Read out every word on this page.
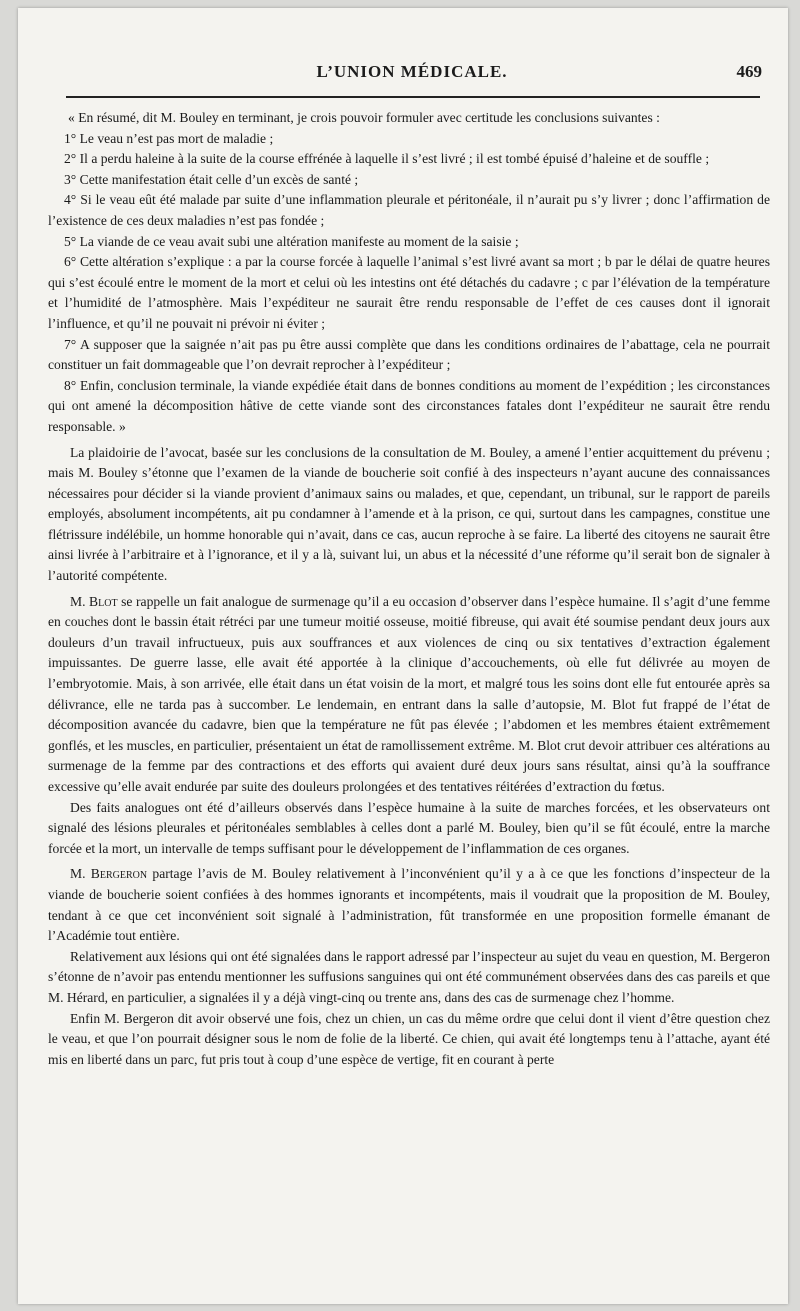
L’UNION MÉDICALE.	469

« En résumé, dit M. Bouley en terminant, je crois pouvoir formuler avec certitude les conclusions suivantes :

1° Le veau n’est pas mort de maladie ;

2° Il a perdu haleine à la suite de la course effrénée à laquelle il s’est livré ; il est tombé épuisé d’haleine et de souffle ;

3° Cette manifestation était celle d’un excès de santé ;

4° Si le veau eût été malade par suite d’une inflammation pleurale et péritonéale, il n’aurait pu s’y livrer ; donc l’affirmation de l’existence de ces deux maladies n’est pas fondée ;

5° La viande de ce veau avait subi une altération manifeste au moment de la saisie ;

6° Cette altération s’explique : a par la course forcée à laquelle l’animal s’est livré avant sa mort ; b par le délai de quatre heures qui s’est écoulé entre le moment de la mort et celui où les intestins ont été détachés du cadavre ; c par l’élévation de la température et l’humidité de l’atmosphère. Mais l’expéditeur ne saurait être rendu responsable de l’effet de ces causes dont il ignorait l’influence, et qu’il ne pouvait ni prévoir ni éviter ;

7° A supposer que la saignée n’ait pas pu être aussi complète que dans les conditions ordinaires de l’abattage, cela ne pourrait constituer un fait dommageable que l’on devrait reprocher à l’expéditeur ;

8° Enfin, conclusion terminale, la viande expédiée était dans de bonnes conditions au moment de l’expédition ; les circonstances qui ont amené la décomposition hâtive de cette viande sont des circonstances fatales dont l’expéditeur ne saurait être rendu responsable. »

La plaidoirie de l’avocat, basée sur les conclusions de la consultation de M. Bouley, a amené l’entier acquittement du prévenu ; mais M. Bouley s’étonne que l’examen de la viande de boucherie soit confié à des inspecteurs n’ayant aucune des connaissances nécessaires pour décider si la viande provient d’animaux sains ou malades, et que, cependant, un tribunal, sur le rapport de pareils employés, absolument incompétents, ait pu condamner à l’amende et à la prison, ce qui, surtout dans les campagnes, constitue une flétrissure indélébile, un homme honorable qui n’avait, dans ce cas, aucun reproche à se faire. La liberté des citoyens ne saurait être ainsi livrée à l’arbitraire et à l’ignorance, et il y a là, suivant lui, un abus et la nécessité d’une réforme qu’il serait bon de signaler à l’autorité compétente.

M. Blot se rappelle un fait analogue de surmenage qu’il a eu occasion d’observer dans l’espèce humaine. Il s’agit d’une femme en couches dont le bassin était rétréci par une tumeur moitié osseuse, moitié fibreuse, qui avait été soumise pendant deux jours aux douleurs d’un travail infructueux, puis aux souffrances et aux violences de cinq ou six tentatives d’extraction également impuissantes. De guerre lasse, elle avait été apportée à la clinique d’accouchements, où elle fut délivrée au moyen de l’embryotomie. Mais, à son arrivée, elle était dans un état voisin de la mort, et malgré tous les soins dont elle fut entourée après sa délivrance, elle ne tarda pas à succomber. Le lendemain, en entrant dans la salle d’autopsie, M. Blot fut frappé de l’état de décomposition avancée du cadavre, bien que la température ne fût pas élevée ; l’abdomen et les membres étaient extrêmement gonflés, et les muscles, en particulier, présentaient un état de ramollissement extrême. M. Blot crut devoir attribuer ces altérations au surmenage de la femme par des contractions et des efforts qui avaient duré deux jours sans résultat, ainsi qu’à la souffrance excessive qu’elle avait endurée par suite des douleurs prolongées et des tentatives réitérées d’extraction du fœtus.

Des faits analogues ont été d’ailleurs observés dans l’espèce humaine à la suite de marches forcées, et les observateurs ont signalé des lésions pleurales et péritonéales semblables à celles dont a parlé M. Bouley, bien qu’il se fût écoulé, entre la marche forcée et la mort, un intervalle de temps suffisant pour le développement de l’inflammation de ces organes.

M. Bergeron partage l’avis de M. Bouley relativement à l’inconvénient qu’il y a à ce que les fonctions d’inspecteur de la viande de boucherie soient confiées à des hommes ignorants et incompétents, mais il voudrait que la proposition de M. Bouley, tendant à ce que cet inconvénient soit signalé à l’administration, fût transformée en une proposition formelle émanant de l’Académie tout entière.

Relativement aux lésions qui ont été signalées dans le rapport adressé par l’inspecteur au sujet du veau en question, M. Bergeron s’étonne de n’avoir pas entendu mentionner les suffusions sanguines qui ont été communément observées dans des cas pareils et que M. Hérard, en particulier, a signalées il y a déjà vingt-cinq ou trente ans, dans des cas de surmenage chez l’homme.

Enfin M. Bergeron dit avoir observé une fois, chez un chien, un cas du même ordre que celui dont il vient d’être question chez le veau, et que l’on pourrait désigner sous le nom de folie de la liberté. Ce chien, qui avait été longtemps tenu à l’attache, ayant été mis en liberté dans un parc, fut pris tout à coup d’une espèce de vertige, fit en courant à perte
